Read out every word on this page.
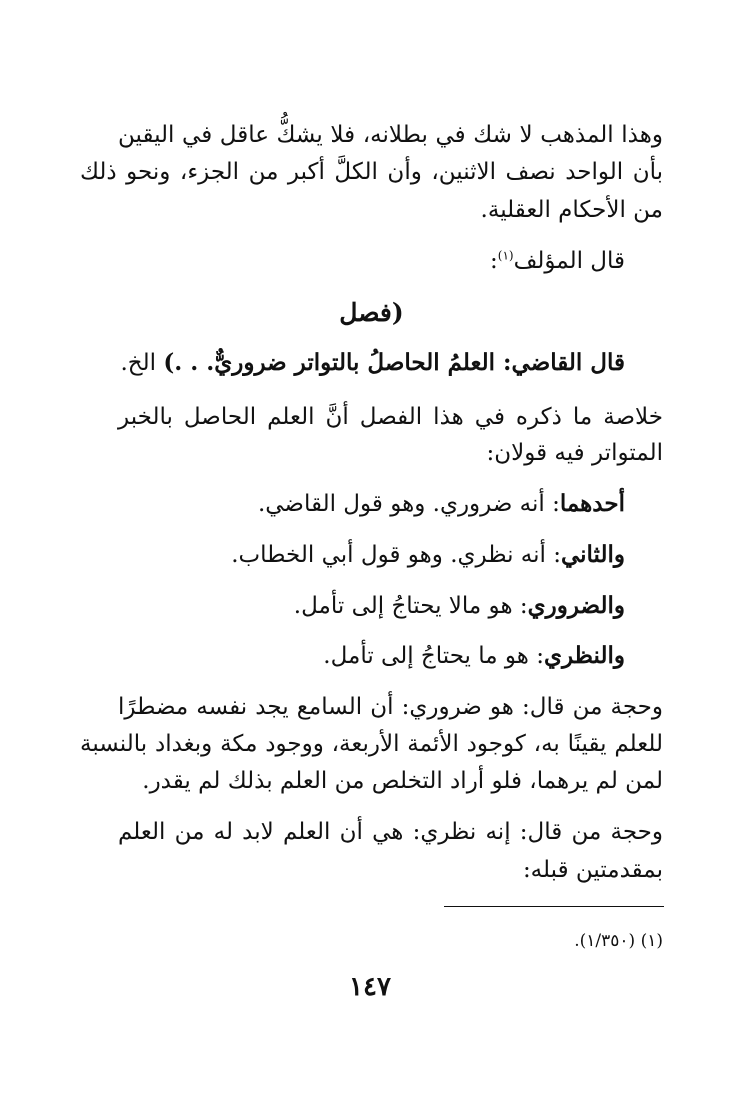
وهذا المذهب لا شك في بطلانه، فلا يشكُّ عاقل في اليقين
بأن الواحد نصف الاثنين، وأن الكلَّ أكبر من الجزء، ونحو ذلك
من الأحكام العقلية.
قال المؤلف$^{(١)}$:
(فصل
قال القاضي: العلمُ الحاصلُ بالتواتر ضروريٌّ. . .) الخ.
خلاصة ما ذكره في هذا الفصل أنَّ العلم الحاصل بالخبر
المتواتر فيه قولان:
أحدهما: أنه ضروري. وهو قول القاضي.
والثاني: أنه نظري. وهو قول أبي الخطاب.
والضروري: هو مالا يحتاجُ إلى تأمل.
والنظري: هو ما يحتاجُ إلى تأمل.
وحجة من قال: هو ضروري: أن السامع يجد نفسه مضطرًا
للعلم يقينًا به، كوجود الأئمة الأربعة، ووجود مكة وبغداد بالنسبة
لمن لم يرهما، فلو أراد التخلص من العلم بذلك لم يقدر.
وحجة من قال: إنه نظري: هي أن العلم لابد له من العلم
بمقدمتين قبله:
(١) (١/٣٥٠).
١٤٧
